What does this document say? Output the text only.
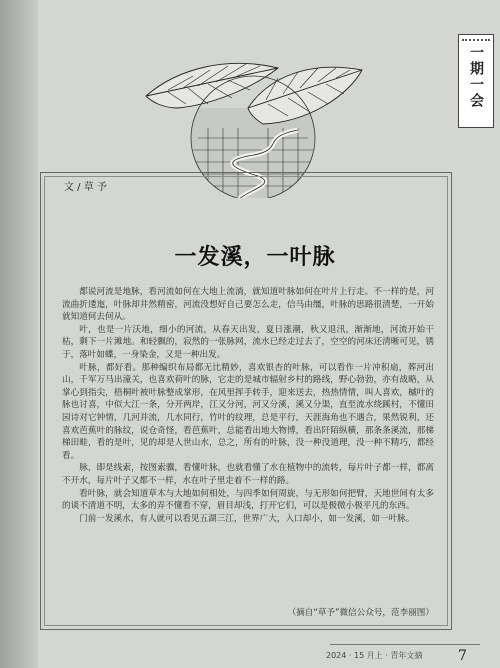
一期一会
文 / 草 予
一发溪，一叶脉

都说河流是地脉，看河流如何在大地上流淌，就知道叶脉如何在叶片上行走。不一样的是，河流曲折逶迤，叶脉却井然精密，河流没想好自己要怎么走，信马由缰，叶脉的思路很清楚，一开始就知道何去何从。

叶，也是一片沃地，细小的河流，从春天出发，夏日涨潮，秋又退汛，渐渐地，河流开始干枯，剩下一片滩地。和轻飘的，寂然的一张脉网，流水已经走过去了，空空的河床还清晰可见，锈于，落叶如蝶，一身染金，又是一种出发。

叶脉，都好看。那种编织布局都无比精妙，喜欢银杏的叶脉，可以看作一片冲积扇，葬河出山，千军万马出潼关，也喜欢荷叶的脉，它走的是城市辐射乡村的路线，野心勃勃，亦有战略，从掌心到指尖，梧桐叶被叶脉整成掌形，在风里挥手转手，迎来送去，热热情情，叫人喜欢，槭叶的脉也讨喜，中似大江一条，分开两岸，江又分河，河又分溪，溪又分渠，直至流水绕蹊村，不懂田园诗对它钟情，几河并流，几水同行，竹叶的纹理，总是平行，天涯海角也不遇合，果然锐利，还喜欢芭蕉叶的脉纹，说仓奇怪，看芭蕉叶，总能看出地大物博，看出阡陌纵横，那条条溪流，那梯梯田畦，看的是叶，见的却是人世山水，总之，所有的叶脉，没一种没道理，没一种不精巧，都经看。

脉，即是线索，按图索骥，看懂叶脉，也就看懂了水在植物中的流转，每片叶子都一样，都离不开水，每片叶子又都不一样，水在叶子里走着不一样的路。

看叶脉，就会知道草木与大地如何相处，与四季如何周旋，与无形如何把臂，天地世间有太多的谈不清道不明，太多的弄不懂看不穿，眉目却浅，打开它们，可以是极微小极平凡的东西。

门前一发溪水，有人就可以看见五湖三江，世界广大，入口却小，如一发溪，如一叶脉。

（摘自“草予”微信公众号，范李丽图）
2024 · 15 月上 · 青年文摘	7
